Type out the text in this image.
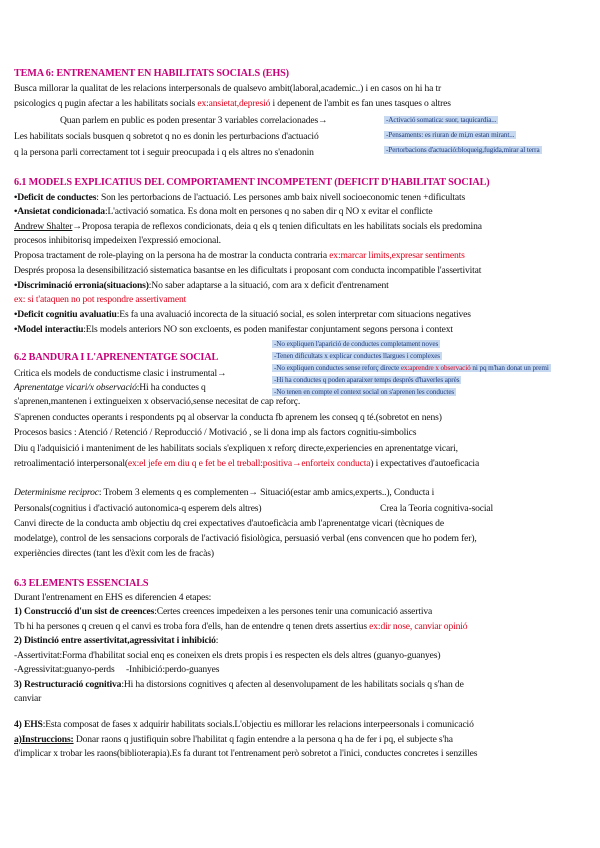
TEMA 6: ENTRENAMENT EN HABILITATS SOCIALS (EHS)
Busca millorar la qualitat de les relacions interpersonals de qualsevo ambit(laboral,academic..) i en casos on hi ha tr
psicologics q pugin afectar a les habilitats socials ex:ansietat,depresió i depenent de l'ambit es fan unes tasques o altres
Quan parlem en public es poden presentar 3 variables correlacionades→
Les habilitats socials busquen q sobretot q no es donin les perturbacions d'actuació
q la persona parli correctament tot i seguir preocupada i q els altres no s'enadonin
-Activació somatica: suor, taquicardia...
-Pensaments: es riuran de mi,m estan mirant...
-Pertorbacions d'actuació:bloqueig,fugida,mirar al terra
6.1 MODELS EXPLICATIUS DEL COMPORTAMENT INCOMPETENT (DEFICIT D'HABILITAT SOCIAL)
•Deficit de conductes: Son les pertorbacions de l'actuació. Les persones amb baix nivell socioeconomic tenen +dificultats
•Ansietat condicionada:L'activació somatica. Es dona molt en persones q no saben dir q NO x evitar el conflicte
Andrew Shalter→Proposa terapia de reflexos condicionats, deia q els q tenien dificultats en les habilitats socials els predomina
procesos inhibitorisq impedeixen l'expressió emocional.
Proposa tractament de role-playing on la persona ha de mostrar la conducta contraria ex:marcar limits,expresar sentiments
Després proposa la desensibilització sistematica basantse en les dificultats i proposant com conducta incompatible l'assertivitat
•Discriminació erronia(situacions):No saber adaptarse a la situació, com ara x deficit d'entrenament
ex: si t'ataquen no pot respondre assertivament
•Deficit cognitiu avaluatiu:Es fa una avaluació incorecta de la situació social, es solen interpretar com situacions negatives
•Model interactiu:Els models anteriors NO son excloents, es poden manifestar conjuntament segons persona i context
6.2 BANDURA I L'APRENENTATGE SOCIAL
Critica els models de conductisme clasic i instrumental→
Aprenentatge vicari/x observació:Hi ha conductes q
s'aprenen,mantenen i extingueixen x observació,sense necesitat de cap reforç.
-No expliquen l'aparició de conductes completament noves
-Tenen dificultats x explicar conductes llargues i complexes
-No expliquen conductes sense reforç directe ex:aprendre x observació ni pq m'han donat un premi
-Hi ha conductes q poden aparaixer temps després d'haverles après
-No tenen en compte el context social on s'aprenen les conductes
S'aprenen conductes operants i respondents pq al observar la conducta fb aprenem les conseq q té.(sobretot en nens)
Procesos basics : Atenció / Retenció / Reproducció / Motivació , se li dona imp als factors cognitiu-simbolics
Diu q l'adquisició i manteniment de les habilitats socials s'expliquen x reforç directe,experiencies en aprenentatge vicari,
retroalimentació interpersonal(ex:el jefe em diu q e fet be el treball:positiva→enforteix conducta) i expectatives d'autoeficacia
Determinisme reciproc: Trobem 3 elements q es complementen→ Situació(estar amb amics,experts..), Conducta i
Personals(cognitius i d'activació autonomica-q esperem dels altres)	Crea la Teoria cognitiva-social
Canvi directe de la conducta amb objectiu dq crei expectatives d'autoeficàcia amb l'aprenentatge vicari (tècniques de
modelatge), control de les sensacions corporals de l'activació fisiològica, persuasió verbal (ens convencen que ho podem fer),
experiències directes (tant les d'èxit com les de fracàs)
6.3 ELEMENTS ESSENCIALS
Durant l'entrenament en EHS es diferencien 4 etapes:
1) Construcció d'un sist de creences:Certes creences impedeixen a les persones tenir una comunicació assertiva
Tb hi ha persones q creuen q el canvi es troba fora d'ells, han de entendre q tenen drets assertius ex:dir nose, canviar opinió
2) Distinció entre assertivitat,agressivitat i inhibició:
-Assertivitat:Forma d'habilitat social enq es coneixen els drets propis i es respecten els dels altres (guanyo-guanyes)
-Agressivitat:guanyo-perds -Inhibició:perdo-guanyes
3) Restructuració cognitiva:Hi ha distorsions cognitives q afecten al desenvolupament de les habilitats socials q s'han de
canviar
4) EHS:Esta composat de fases x adquirir habilitats socials.L'objectiu es millorar les relacions interpeersonals i comunicació
a)Instruccions: Donar raons q justifiquin sobre l'habilitat q fagin entendre a la persona q ha de fer i pq, el subjecte s'ha
d'implicar x trobar les raons(biblioterapia).Es fa durant tot l'entrenament però sobretot a l'inici, conductes concretes i senzilles
